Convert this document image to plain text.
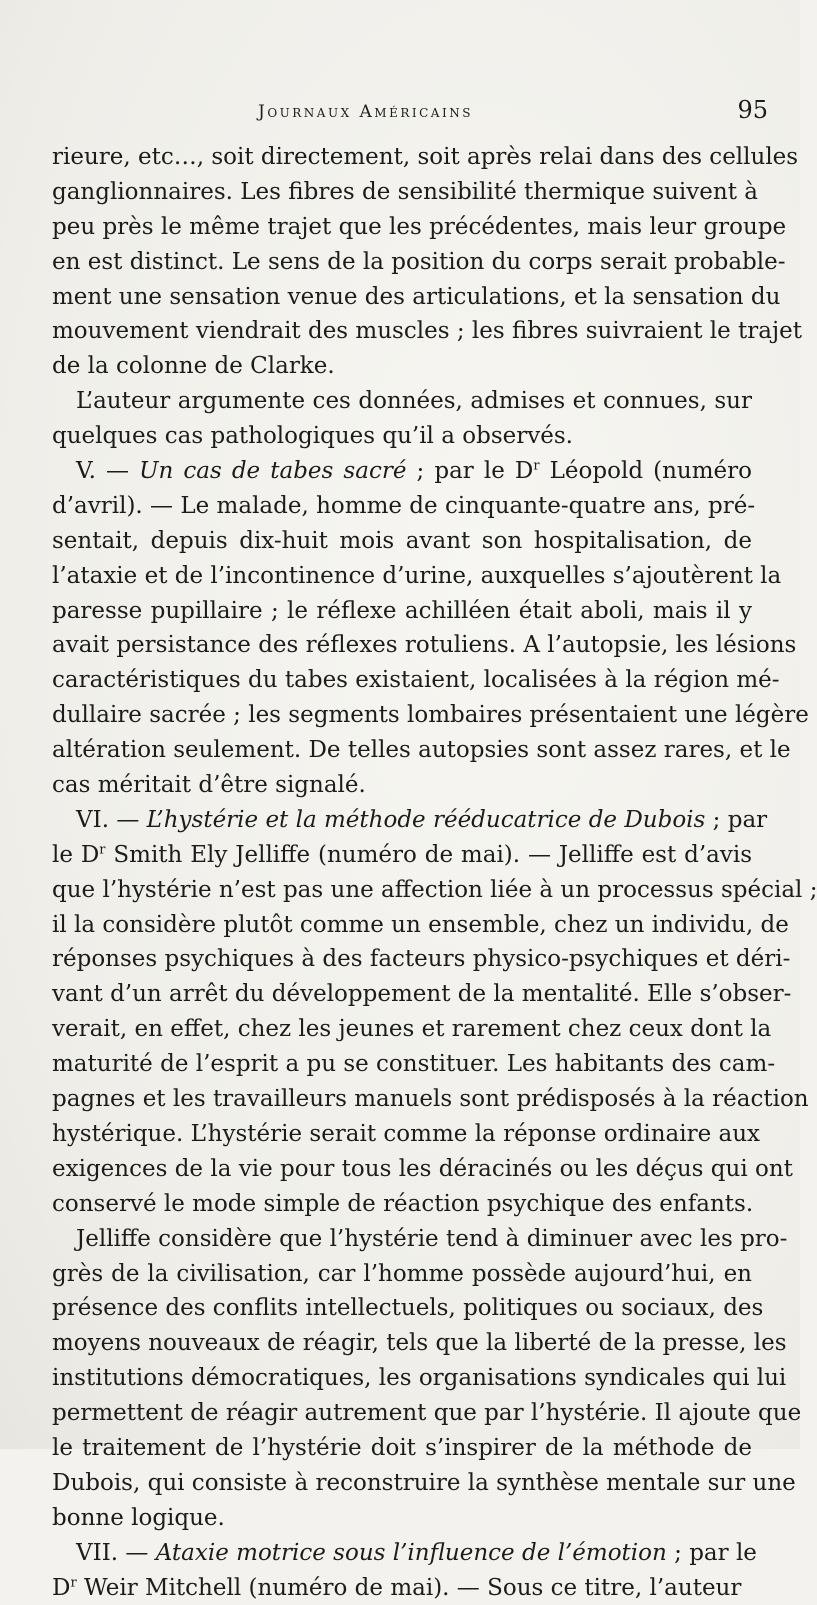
Journaux Américains	95
rieure, etc…, soit directement, soit après relai dans des cellules
ganglionnaires. Les fibres de sensibilité thermique suivent à
peu près le même trajet que les précédentes, mais leur groupe
en est distinct. Le sens de la position du corps serait probable-
ment une sensation venue des articulations, et la sensation du
mouvement viendrait des muscles ; les fibres suivraient le trajet
de la colonne de Clarke.
L’auteur argumente ces données, admises et connues, sur
quelques cas pathologiques qu’il a observés.
V. — Un cas de tabes sacré ; par le $D^r$ Léopold (numéro
d’avril). — Le malade, homme de cinquante-quatre ans, pré-
sentait, depuis dix-huit mois avant son hospitalisation, de
l’ataxie et de l’incontinence d’urine, auxquelles s’ajoutèrent la
paresse pupillaire ; le réflexe achilléen était aboli, mais il y
avait persistance des réflexes rotuliens. A l’autopsie, les lésions
caractéristiques du tabes existaient, localisées à la région mé-
dullaire sacrée ; les segments lombaires présentaient une légère
altération seulement. De telles autopsies sont assez rares, et le
cas méritait d’être signalé.
VI. — L’hystérie et la méthode rééducatrice de Dubois ; par
le $D^r$ Smith Ely Jelliffe (numéro de mai). — Jelliffe est d’avis
que l’hystérie n’est pas une affection liée à un processus spécial ;
il la considère plutôt comme un ensemble, chez un individu, de
réponses psychiques à des facteurs physico-psychiques et déri-
vant d’un arrêt du développement de la mentalité. Elle s’obser-
verait, en effet, chez les jeunes et rarement chez ceux dont la
maturité de l’esprit a pu se constituer. Les habitants des cam-
pagnes et les travailleurs manuels sont prédisposés à la réaction
hystérique. L’hystérie serait comme la réponse ordinaire aux
exigences de la vie pour tous les déracinés ou les déçus qui ont
conservé le mode simple de réaction psychique des enfants.
Jelliffe considère que l’hystérie tend à diminuer avec les pro-
grès de la civilisation, car l’homme possède aujourd’hui, en
présence des conflits intellectuels, politiques ou sociaux, des
moyens nouveaux de réagir, tels que la liberté de la presse, les
institutions démocratiques, les organisations syndicales qui lui
permettent de réagir autrement que par l’hystérie. Il ajoute que
le traitement de l’hystérie doit s’inspirer de la méthode de
Dubois, qui consiste à reconstruire la synthèse mentale sur une
bonne logique.
VII. — Ataxie motrice sous l’influence de l’émotion ; par le
$D^r$ Weir Mitchell (numéro de mai). — Sous ce titre, l’auteur
